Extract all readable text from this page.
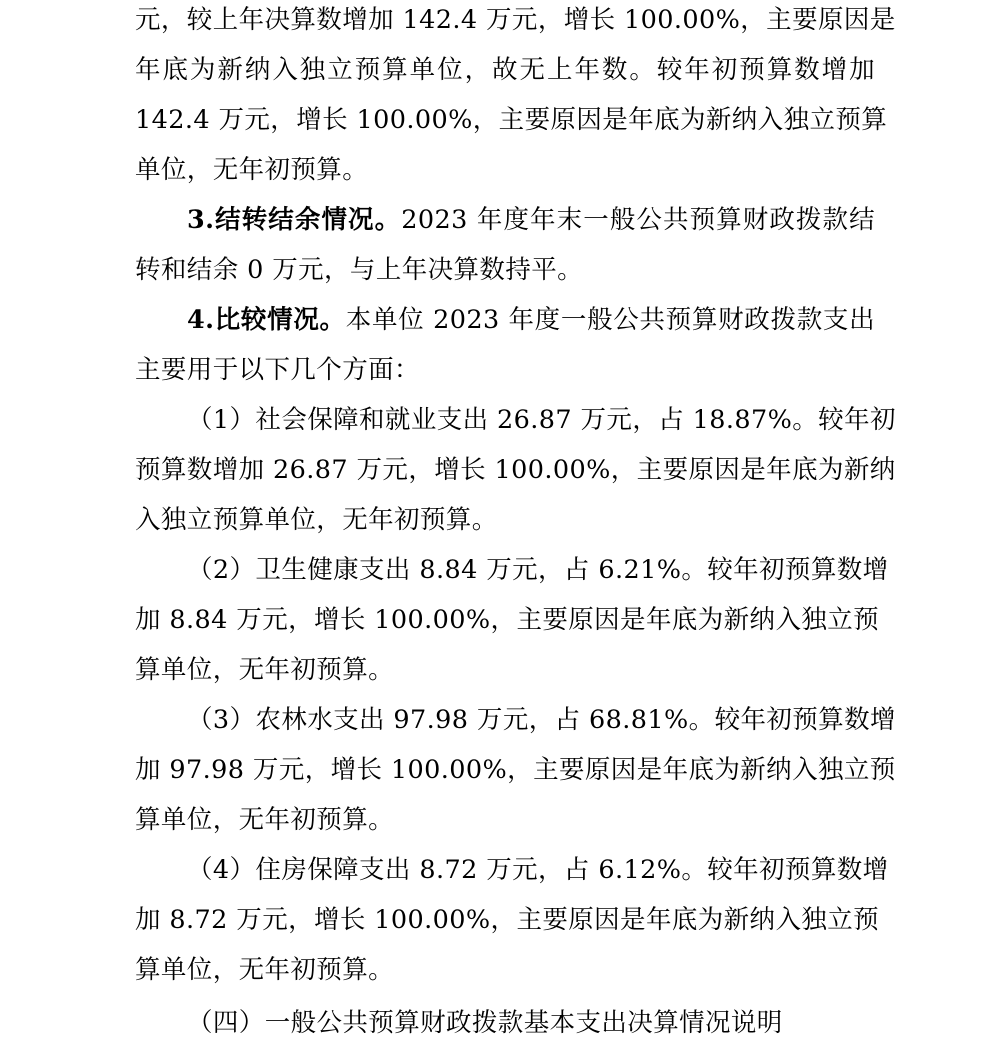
元，较上年决算数增加 142.4 万元，增长 100.00%，主要原因是
年底为新纳入独立预算单位，故无上年数。较年初预算数增加
142.4 万元，增长 100.00%，主要原因是年底为新纳入独立预算
单位，无年初预算。
3.结转结余情况。2023 年度年末一般公共预算财政拨款结
转和结余 0 万元，与上年决算数持平。
4.比较情况。本单位 2023 年度一般公共预算财政拨款支出
主要用于以下几个方面：
（1）社会保障和就业支出 26.87 万元，占 18.87%。较年初
预算数增加 26.87 万元，增长 100.00%，主要原因是年底为新纳
入独立预算单位，无年初预算。
（2）卫生健康支出 8.84 万元，占 6.21%。较年初预算数增
加 8.84 万元，增长 100.00%，主要原因是年底为新纳入独立预
算单位，无年初预算。
（3）农林水支出 97.98 万元，占 68.81%。较年初预算数增
加 97.98 万元，增长 100.00%，主要原因是年底为新纳入独立预
算单位，无年初预算。
（4）住房保障支出 8.72 万元，占 6.12%。较年初预算数增
加 8.72 万元，增长 100.00%，主要原因是年底为新纳入独立预
算单位，无年初预算。
（四）一般公共预算财政拨款基本支出决算情况说明
